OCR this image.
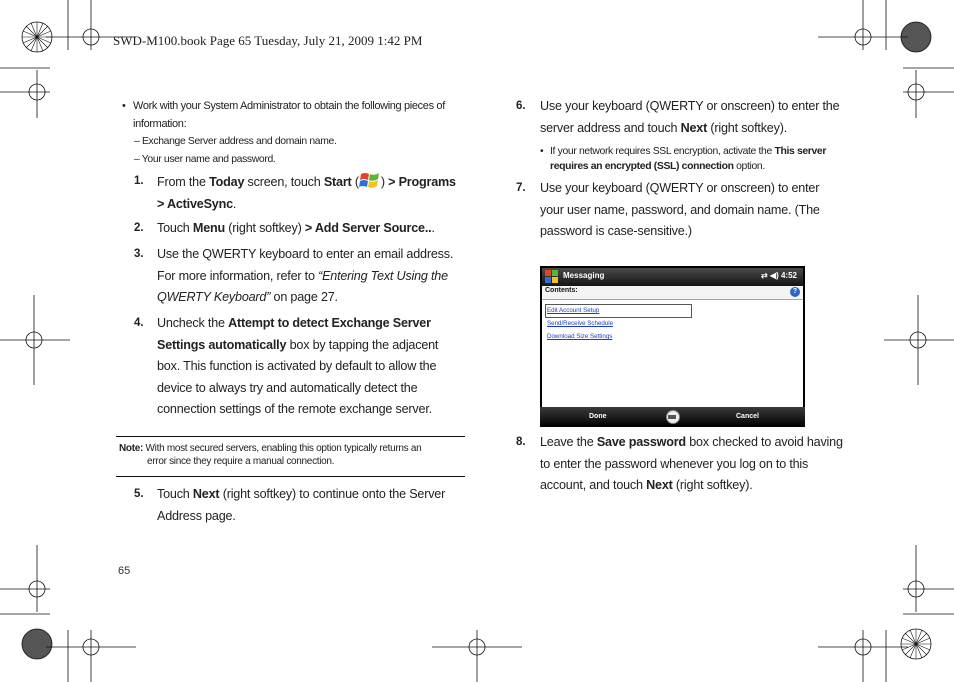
SWD-M100.book Page 65 Tuesday, July 21, 2009 1:42 PM
• Work with your System Administrator to obtain the following pieces of information:
– Exchange Server address and domain name.
– Your user name and password.
1. From the Today screen, touch Start ( ) > Programs > ActiveSync.
2. Touch Menu (right softkey) > Add Server Source...
3. Use the QWERTY keyboard to enter an email address. For more information, refer to “Entering Text Using the QWERTY Keyboard” on page 27.
4. Uncheck the Attempt to detect Exchange Server Settings automatically box by tapping the adjacent box. This function is activated by default to allow the device to always try and automatically detect the connection settings of the remote exchange server.
Note: With most secured servers, enabling this option typically returns an
error since they require a manual connection.
5. Touch Next (right softkey) to continue onto the Server Address page.
6. Use your keyboard (QWERTY or onscreen) to enter the server address and touch Next (right softkey).
• If your network requires SSL encryption, activate the This server requires an encrypted (SSL) connection option.
7. Use your keyboard (QWERTY or onscreen) to enter your user name, password, and domain name. (The password is case-sensitive.)
Messaging	⇄ ◀) 4:52
Contents:	?
Edit Account Setup
Send/Receive Schedule
Download Size Settings
Done	Cancel
8. Leave the Save password box checked to avoid having to enter the password whenever you log on to this account, and touch Next (right softkey).
65
